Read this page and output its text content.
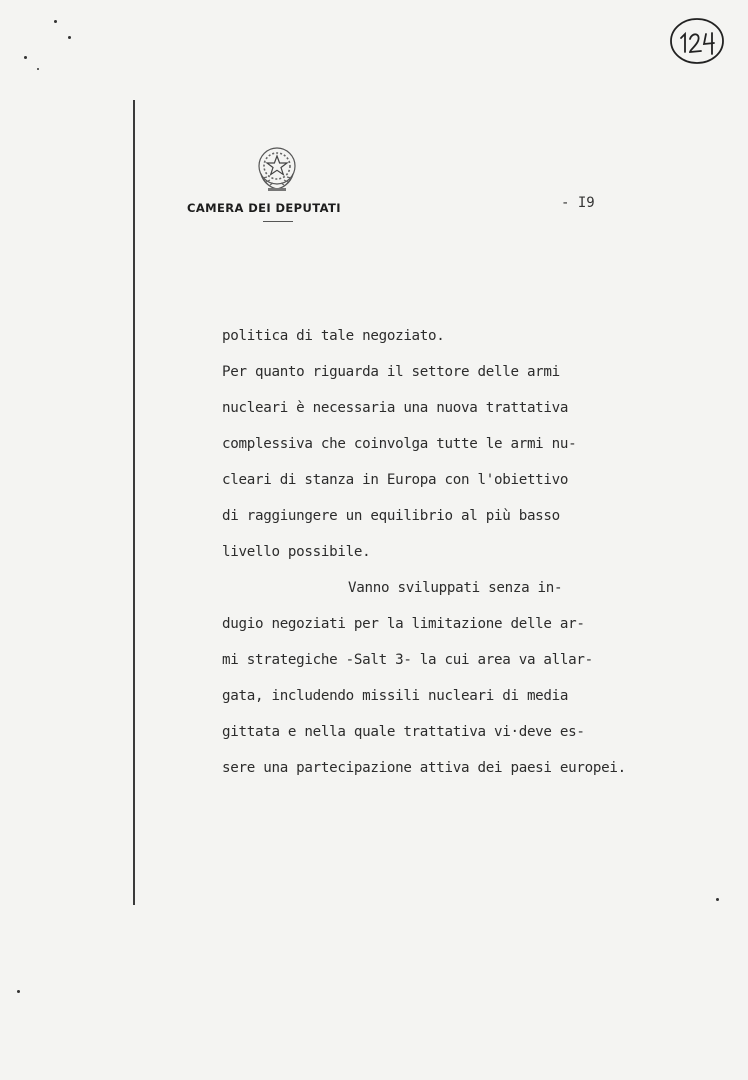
CAMERA DEI DEPUTATI	- I9
politica di tale negoziato.
Per quanto riguarda il settore delle armi
nucleari è necessaria una nuova trattativa
complessiva che coinvolga tutte le armi nu-
cleari di stanza in Europa con l'obiettivo
di raggiungere un equilibrio al più basso
livello possibile.
Vanno sviluppati senza in-
dugio negoziati per la limitazione delle ar-
mi strategiche -Salt 3- la cui area va allar-
gata, includendo missili nucleari di media
gittata e nella quale trattativa vi·deve es-
sere una partecipazione attiva dei paesi europei.
